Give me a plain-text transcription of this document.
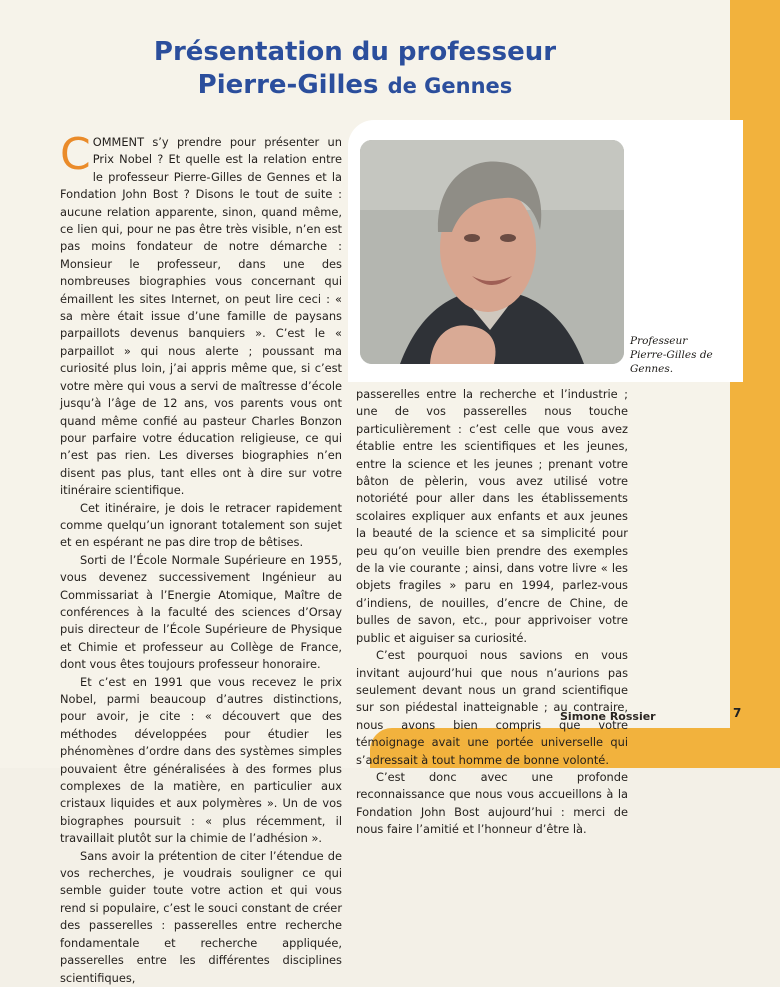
Présentation du professeur
Pierre-Gilles de Gennes
Professeur
Pierre-Gilles de Gennes.

COMMENT s’y prendre pour présenter un Prix Nobel ? Et quelle est la relation entre le professeur Pierre-Gilles de Gennes et la Fondation John Bost ? Disons le tout de suite : aucune relation apparente, sinon, quand même, ce lien qui, pour ne pas être très visible, n’en est pas moins fondateur de notre démarche : Monsieur le professeur, dans une des nombreuses biographies vous concernant qui émaillent les sites Internet, on peut lire ceci : « sa mère était issue d’une famille de paysans parpaillots devenus banquiers ». C’est le « parpaillot » qui nous alerte ; poussant ma curiosité plus loin, j’ai appris même que, si c’est votre mère qui vous a servi de maîtresse d’école jusqu’à l’âge de 12 ans, vos parents vous ont quand même confié au pasteur Charles Bonzon pour parfaire votre éducation religieuse, ce qui n’est pas rien. Les diverses biographies n’en disent pas plus, tant elles ont à dire sur votre itinéraire scientifique.

Cet itinéraire, je dois le retracer rapidement comme quelqu’un ignorant totalement son sujet et en espérant ne pas dire trop de bêtises.

Sorti de l’École Normale Supérieure en 1955, vous devenez successivement Ingénieur au Commissariat à l’Energie Atomique, Maître de conférences à la faculté des sciences d’Orsay puis directeur de l’École Supérieure de Physique et Chimie et professeur au Collège de France, dont vous êtes toujours professeur honoraire.

Et c’est en 1991 que vous recevez le prix Nobel, parmi beaucoup d’autres distinctions, pour avoir, je cite : « découvert que des méthodes développées pour étudier les phénomènes d’ordre dans des systèmes simples pouvaient être généralisées à des formes plus complexes de la matière, en particulier aux cristaux liquides et aux polymères ». Un de vos biographes poursuit : « plus récemment, il travaillait plutôt sur la chimie de l’adhésion ».

Sans avoir la prétention de citer l’étendue de vos recherches, je voudrais souligner ce qui semble guider toute votre action et qui vous rend si populaire, c’est le souci constant de créer des passerelles : passerelles entre recherche fondamentale et recherche appliquée, passerelles entre les différentes disciplines scientifiques,

passerelles entre la recherche et l’industrie ; une de vos passerelles nous touche particulièrement : c’est celle que vous avez établie entre les scientifiques et les jeunes, entre la science et les jeunes ; prenant votre bâton de pèlerin, vous avez utilisé votre notoriété pour aller dans les établissements scolaires expliquer aux enfants et aux jeunes la beauté de la science et sa simplicité pour peu qu’on veuille bien prendre des exemples de la vie courante ; ainsi, dans votre livre « les objets fragiles » paru en 1994, parlez-vous d’indiens, de nouilles, d’encre de Chine, de bulles de savon, etc., pour apprivoiser votre public et aiguiser sa curiosité.

C’est pourquoi nous savions en vous invitant aujourd’hui que nous n’aurions pas seulement devant nous un grand scientifique sur son piédestal inatteignable ; au contraire, nous avons bien compris que votre témoignage avait une portée universelle qui s’adressait à tout homme de bonne volonté.

C’est donc avec une profonde reconnaissance que nous vous accueillons à la Fondation John Bost aujourd’hui : merci de nous faire l’amitié et l’honneur d’être là.

Simone Rossier	7
